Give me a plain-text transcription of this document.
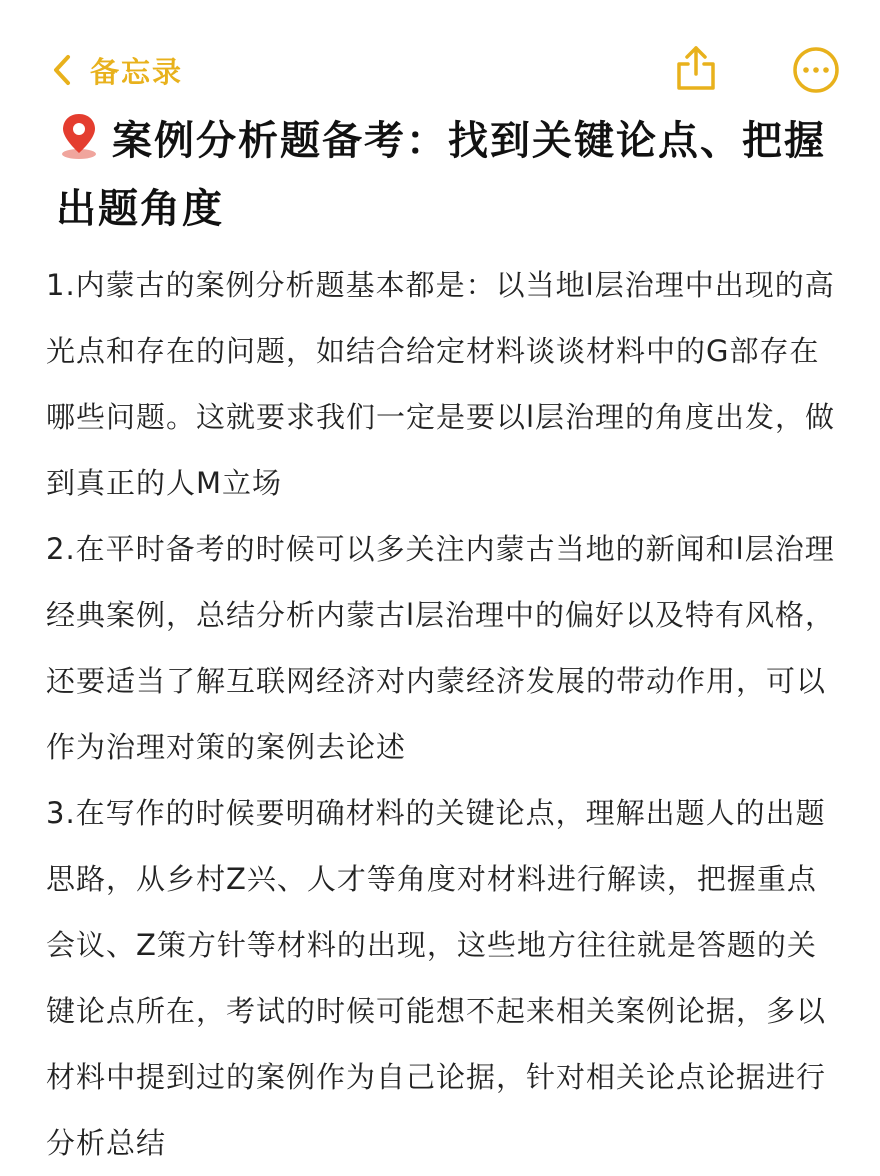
备忘录
案例分析题备考：找到关键论点、把握出题角度

1.内蒙古的案例分析题基本都是：以当地l层治理中出现的高光点和存在的问题，如结合给定材料谈谈材料中的G部存在哪些问题。这就要求我们一定是要以l层治理的角度出发，做到真正的人M立场

2.在平时备考的时候可以多关注内蒙古当地的新闻和l层治理经典案例，总结分析内蒙古l层治理中的偏好以及特有风格，还要适当了解互联网经济对内蒙经济发展的带动作用，可以作为治理对策的案例去论述

3.在写作的时候要明确材料的关键论点，理解出题人的出题思路，从乡村Z兴、人才等角度对材料进行解读，把握重点会议、Z策方针等材料的出现，这些地方往往就是答题的关键论点所在，考试的时候可能想不起来相关案例论据，多以材料中提到过的案例作为自己论据，针对相关论点论据进行分析总结
